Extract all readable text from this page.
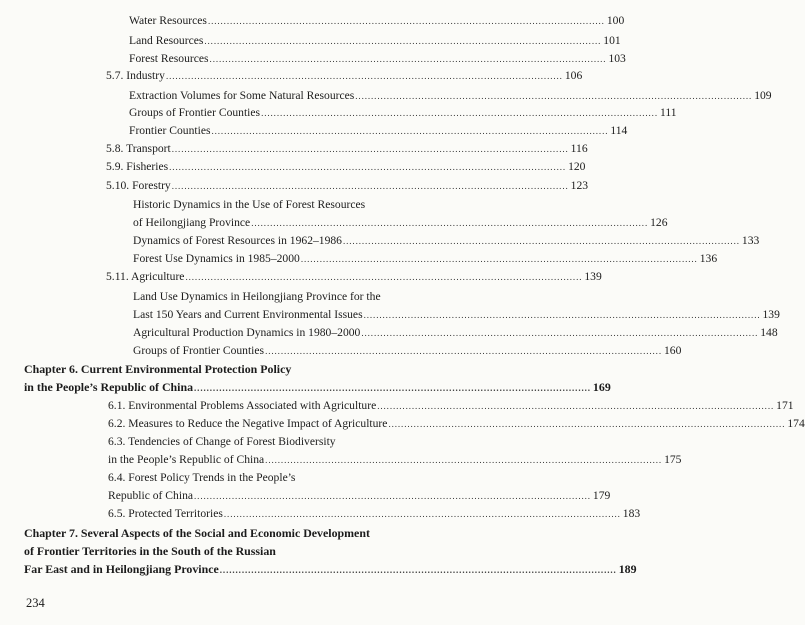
Water Resources .............................................................................................................................. 100
Land Resources .............................................................................................................................. 101
Forest Resources .............................................................................................................................. 103
5.7. Industry .............................................................................................................................. 106
Extraction Volumes for Some Natural Resources .............................................................................................................................. 109
Groups of Frontier Counties .............................................................................................................................. 111
Frontier Counties .............................................................................................................................. 114
5.8. Transport .............................................................................................................................. 116
5.9. Fisheries .............................................................................................................................. 120
5.10. Forestry .............................................................................................................................. 123
Historic Dynamics in the Use of Forest Resources
of Heilongjiang Province .............................................................................................................................. 126
Dynamics of Forest Resources in 1962–1986 .............................................................................................................................. 133
Forest Use Dynamics in 1985–2000 .............................................................................................................................. 136
5.11. Agriculture .............................................................................................................................. 139
Land Use Dynamics in Heilongjiang Province for the
Last 150 Years and Current Environmental Issues .............................................................................................................................. 139
Agricultural Production Dynamics in 1980–2000 .............................................................................................................................. 148
Groups of Frontier Counties .............................................................................................................................. 160
Chapter 6. Current Environmental Protection Policy
in the People’s Republic of China .............................................................................................................................. 169
6.1. Environmental Problems Associated with Agriculture .............................................................................................................................. 171
6.2. Measures to Reduce the Negative Impact of Agriculture .............................................................................................................................. 174
6.3. Tendencies of Change of Forest Biodiversity
in the People’s Republic of China .............................................................................................................................. 175
6.4. Forest Policy Trends in the People’s
Republic of China .............................................................................................................................. 179
6.5. Protected Territories .............................................................................................................................. 183
Chapter 7. Several Aspects of the Social and Economic Development
of Frontier Territories in the South of the Russian
Far East and in Heilongjiang Province .............................................................................................................................. 189
234
